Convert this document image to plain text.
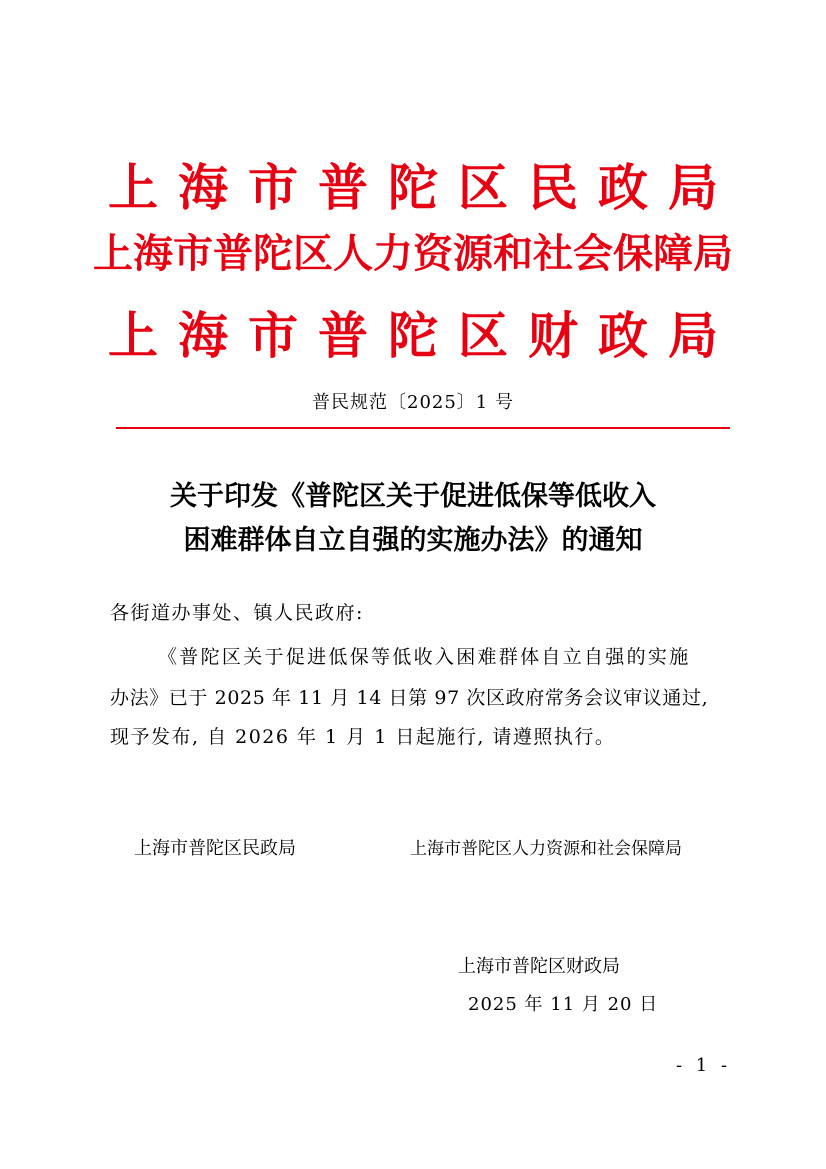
上海市普陀区民政局
上海市普陀区人力资源和社会保障局
上海市普陀区财政局
普民规范〔2025〕1 号
关于印发《普陀区关于促进低保等低收入
困难群体自立自强的实施办法》的通知
各街道办事处、镇人民政府:
《普陀区关于促进低保等低收入困难群体自立自强的实施
办法》已于 2025 年 11 月 14 日第 97 次区政府常务会议审议通过,
现予发布, 自 2026 年 1 月 1 日起施行, 请遵照执行。
上海市普陀区民政局	上海市普陀区人力资源和社会保障局
上海市普陀区财政局
2025 年 11 月 20 日
- 1 -
